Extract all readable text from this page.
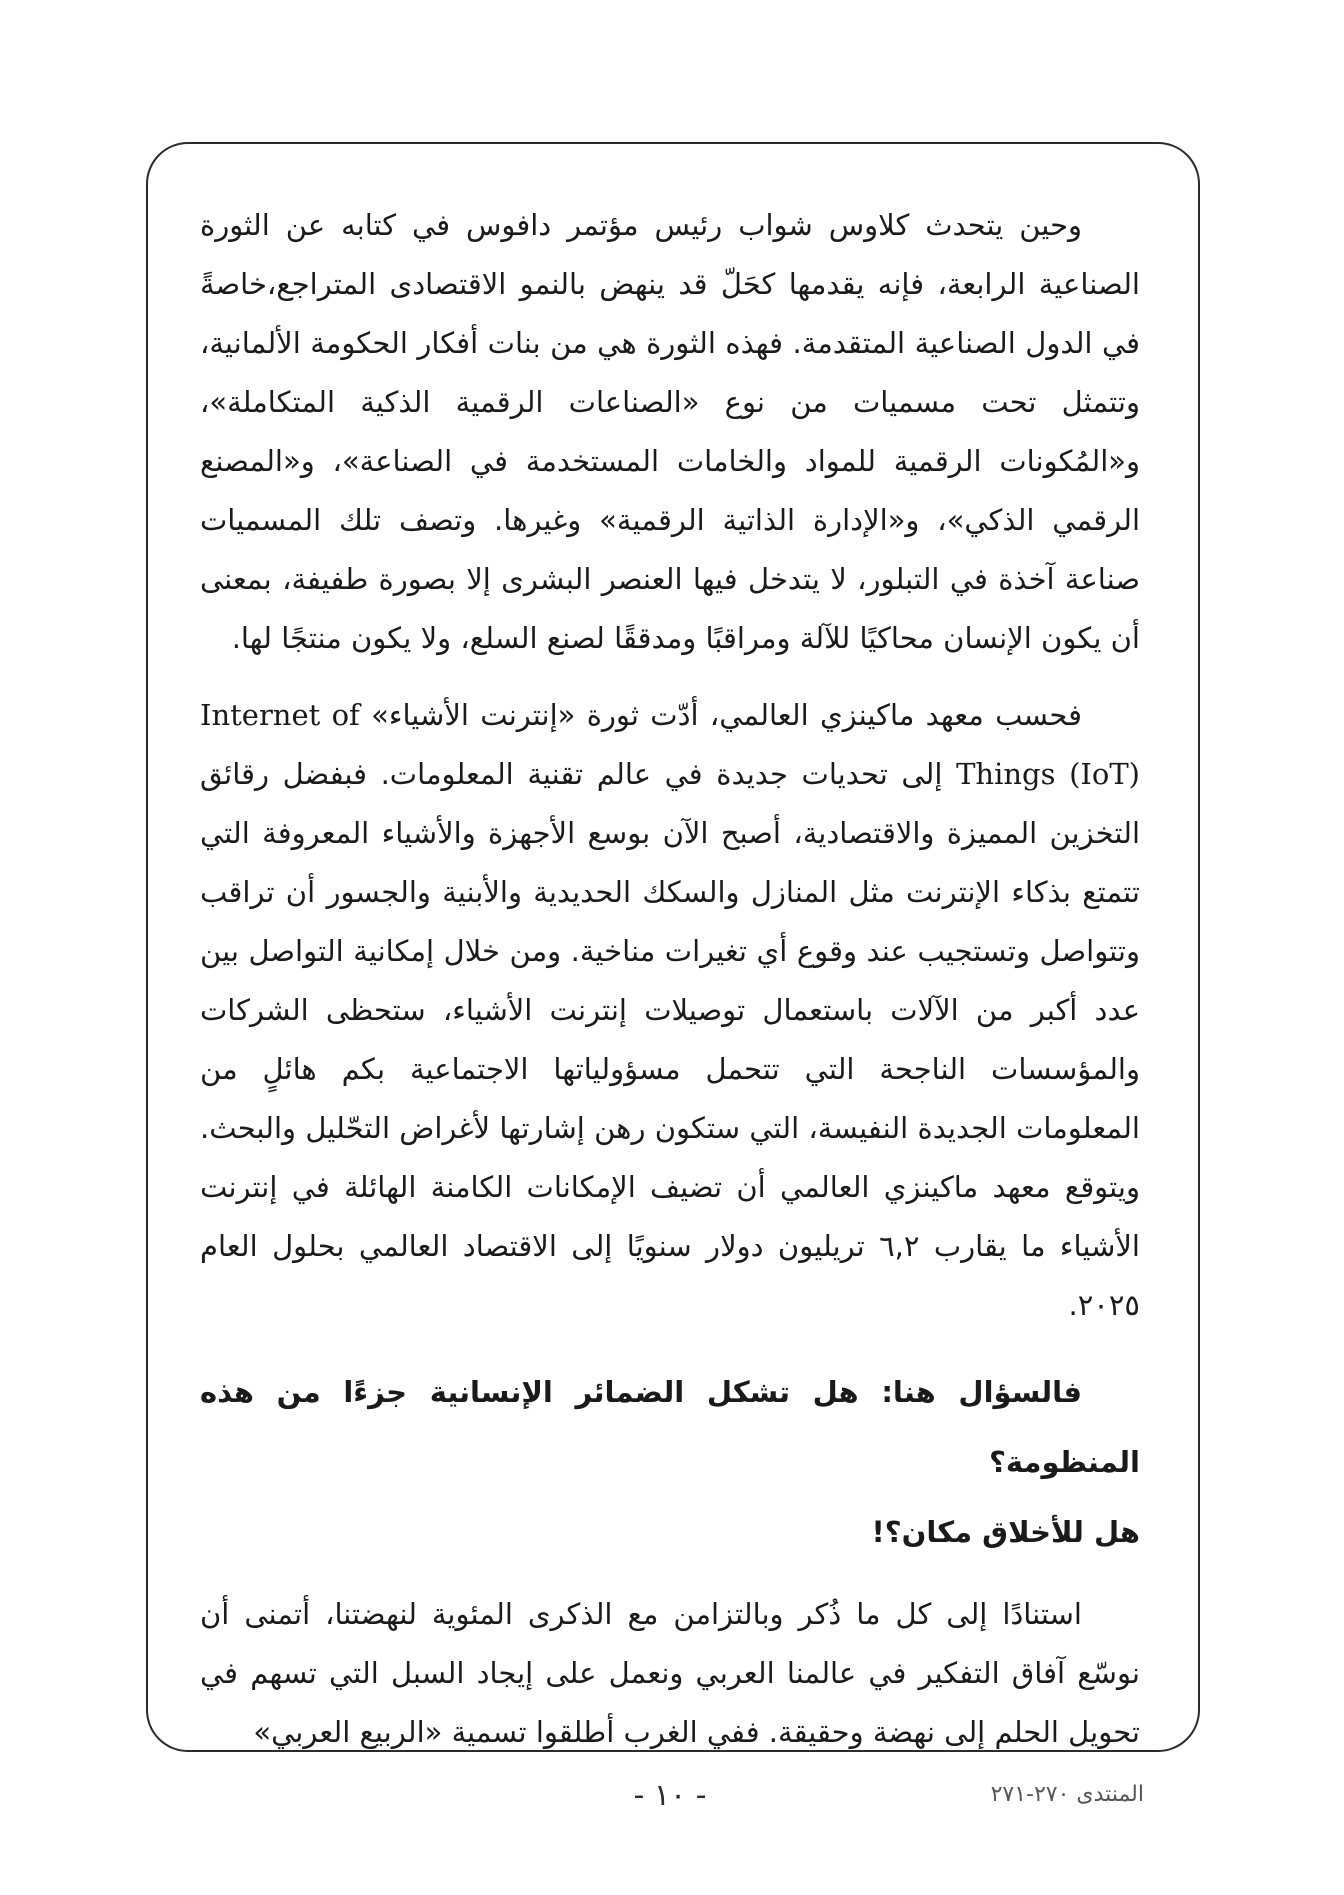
وحين يتحدث كلاوس شواب رئيس مؤتمر دافوس في كتابه عن الثورة الصناعية الرابعة، فإنه يقدمها كحَلّ قد ينهض بالنمو الاقتصادى المتراجع،خاصةً في الدول الصناعية المتقدمة. فهذه الثورة هي من بنات أفكار الحكومة الألمانية، وتتمثل تحت مسميات من نوع «الصناعات الرقمية الذكية المتكاملة»، و«المُكونات الرقمية للمواد والخامات المستخدمة في الصناعة»، و«المصنع الرقمي الذكي»، و«الإدارة الذاتية الرقمية» وغيرها. وتصف تلك المسميات صناعة آخذة في التبلور، لا يتدخل فيها العنصر البشرى إلا بصورة طفيفة، بمعنى أن يكون الإنسان محاكيًا للآلة ومراقبًا ومدققًا لصنع السلع، ولا يكون منتجًا لها.

فحسب معهد ماكينزي العالمي، أدّت ثورة «إنترنت الأشياء» Internet of Things (IoT) إلى تحديات جديدة في عالم تقنية المعلومات. فبفضل رقائق التخزين المميزة والاقتصادية، أصبح الآن بوسع الأجهزة والأشياء المعروفة التي تتمتع بذكاء الإنترنت مثل المنازل والسكك الحديدية والأبنية والجسور أن تراقب وتتواصل وتستجيب عند وقوع أي تغيرات مناخية. ومن خلال إمكانية التواصل بين عدد أكبر من الآلات باستعمال توصيلات إنترنت الأشياء، ستحظى الشركات والمؤسسات الناجحة التي تتحمل مسؤولياتها الاجتماعية بكم هائلٍ من المعلومات الجديدة النفيسة، التي ستكون رهن إشارتها لأغراض التحّليل والبحث. ويتوقع معهد ماكينزي العالمي أن تضيف الإمكانات الكامنة الهائلة في إنترنت الأشياء ما يقارب ٦,٢ تريليون دولار سنويًا إلى الاقتصاد العالمي بحلول العام ٢٠٢٥.

فالسؤال هنا: هل تشكل الضمائر الإنسانية جزءًا من هذه المنظومة؟
هل للأخلاق مكان؟!

استنادًا إلى كل ما ذُكر وبالتزامن مع الذكرى المئوية لنهضتنا، أتمنى أن نوسّع آفاق التفكير في عالمنا العربي ونعمل على إيجاد السبل التي تسهم في تحويل الحلم إلى نهضة وحقيقة. ففي الغرب أطلقوا تسمية «الربيع العربي»

المنتدى ٢٧٠-٢٧١
- ١٠ -
